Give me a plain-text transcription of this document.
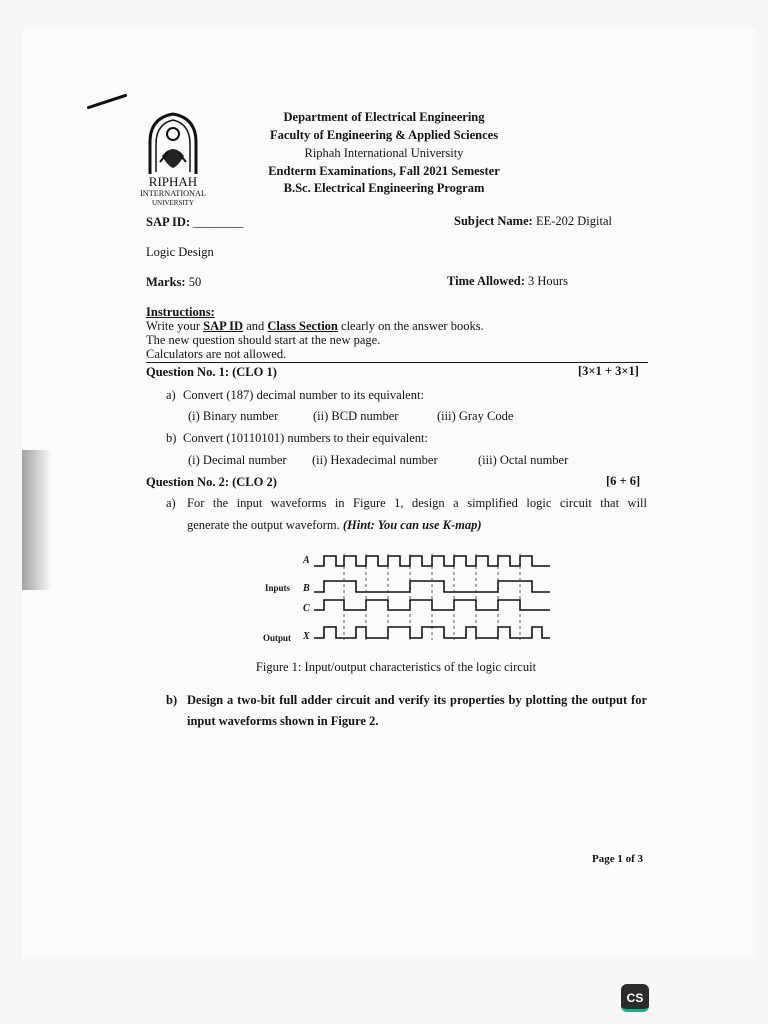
RIPHAH
INTERNATIONAL
UNIVERSITY
Department of Electrical Engineering
Faculty of Engineering & Applied Sciences
Riphah International University
Endterm Examinations, Fall 2021 Semester
B.Sc. Electrical Engineering Program
SAP ID: ________	Subject Name: EE-202 Digital
Logic Design
Marks: 50	Time Allowed: 3 Hours
Instructions:
Write your SAP ID and Class Section clearly on the answer books.
The new question should start at the new page.
Calculators are not allowed.
Question No. 1: (CLO 1)	[3×1 + 3×1]
a) Convert (187) decimal number to its equivalent:
(i) Binary number	(ii) BCD number	(iii) Gray Code
b) Convert (10110101) numbers to their equivalent:
(i) Decimal number (ii) Hexadecimal number	(iii) Octal number
Question No. 2: (CLO 2)	[6 + 6]
a) For the input waveforms in Figure 1, design a simplified logic circuit that will
generate the output waveform. (Hint: You can use K-map)
A
B
C
X
Inputs
Output
Figure 1: Input/output characteristics of the logic circuit
b) Design a two-bit full adder circuit and verify its properties by plotting the output for
input waveforms shown in Figure 2.
Page 1 of 3
CS
